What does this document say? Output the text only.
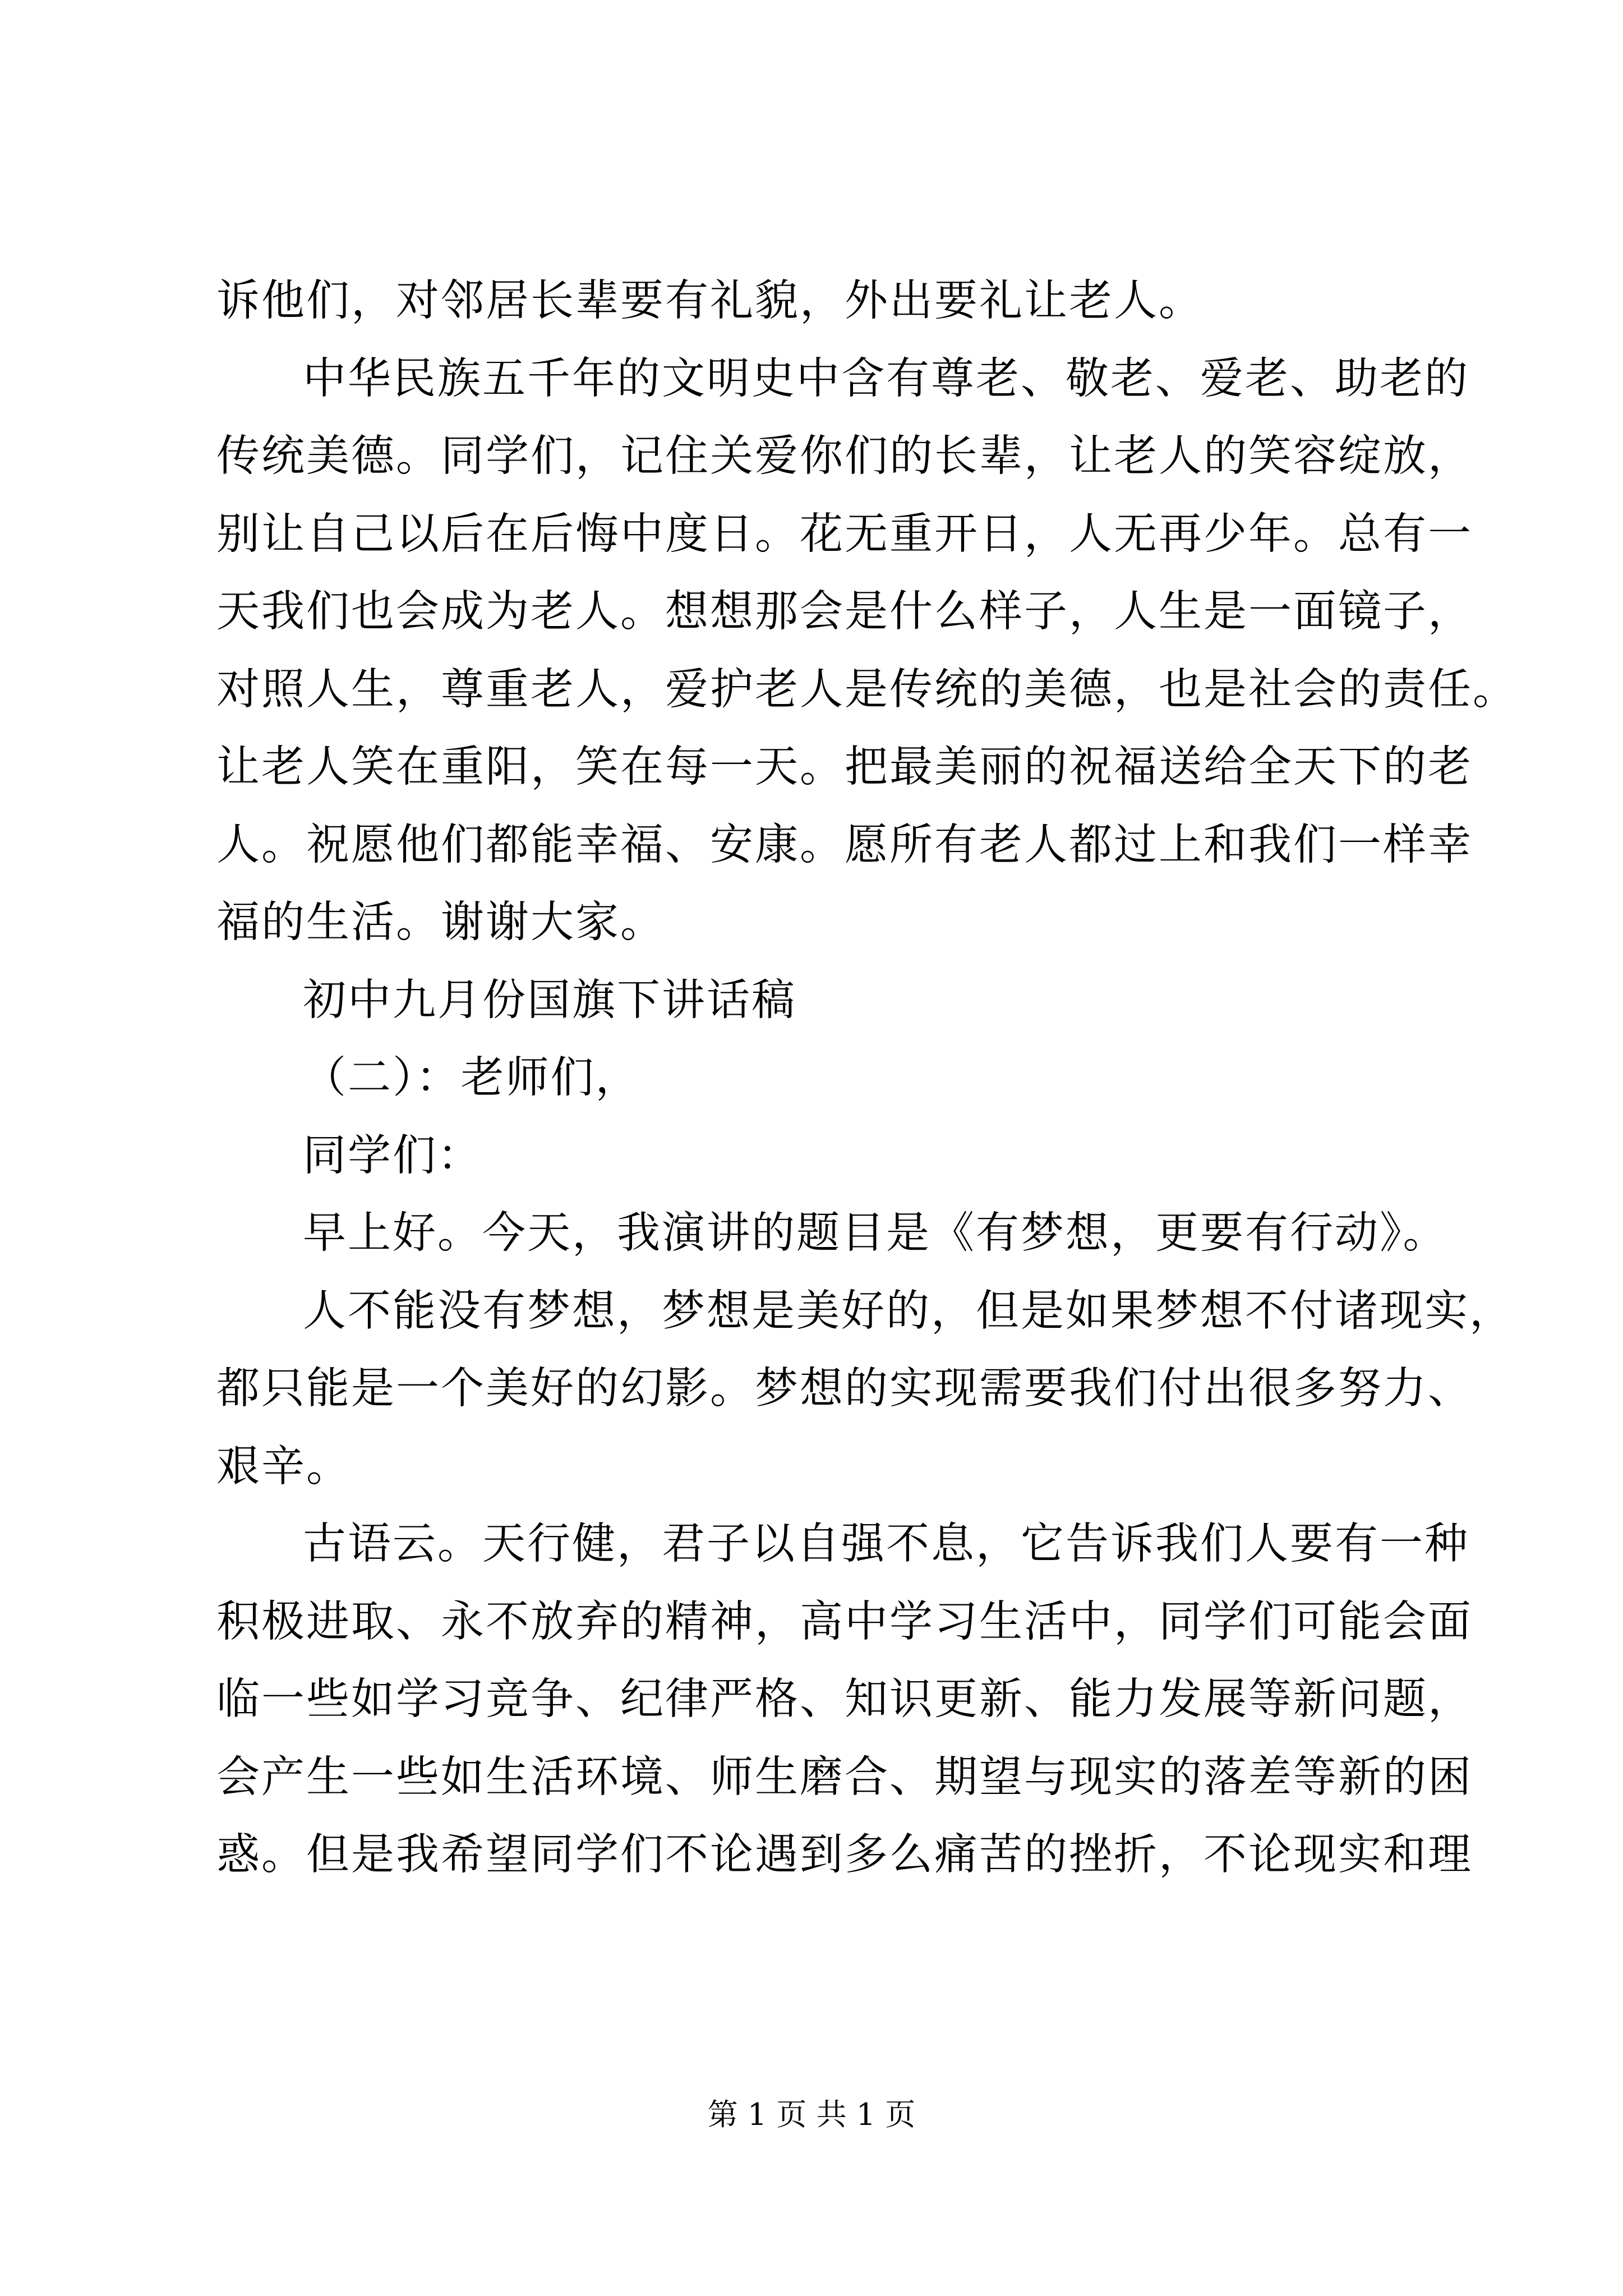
诉他们，对邻居长辈要有礼貌，外出要礼让老人。
中华民族五千年的文明史中含有尊老、敬老、爱老、助老的
传统美德。同学们，记住关爱你们的长辈，让老人的笑容绽放，
别让自己以后在后悔中度日。花无重开日，人无再少年。总有一
天我们也会成为老人。想想那会是什么样子，人生是一面镜子，
对照人生，尊重老人，爱护老人是传统的美德，也是社会的责任。
让老人笑在重阳，笑在每一天。把最美丽的祝福送给全天下的老
人。祝愿他们都能幸福、安康。愿所有老人都过上和我们一样幸
福的生活。谢谢大家。
初中九月份国旗下讲话稿
（二）：老师们，
同学们：
早上好。今天，我演讲的题目是《有梦想，更要有行动》。
人不能没有梦想，梦想是美好的，但是如果梦想不付诸现实，
都只能是一个美好的幻影。梦想的实现需要我们付出很多努力、
艰辛。
古语云。天行健，君子以自强不息，它告诉我们人要有一种
积极进取、永不放弃的精神，高中学习生活中，同学们可能会面
临一些如学习竞争、纪律严格、知识更新、能力发展等新问题，
会产生一些如生活环境、师生磨合、期望与现实的落差等新的困
惑。但是我希望同学们不论遇到多么痛苦的挫折，不论现实和理
第 1 页 共 1 页
